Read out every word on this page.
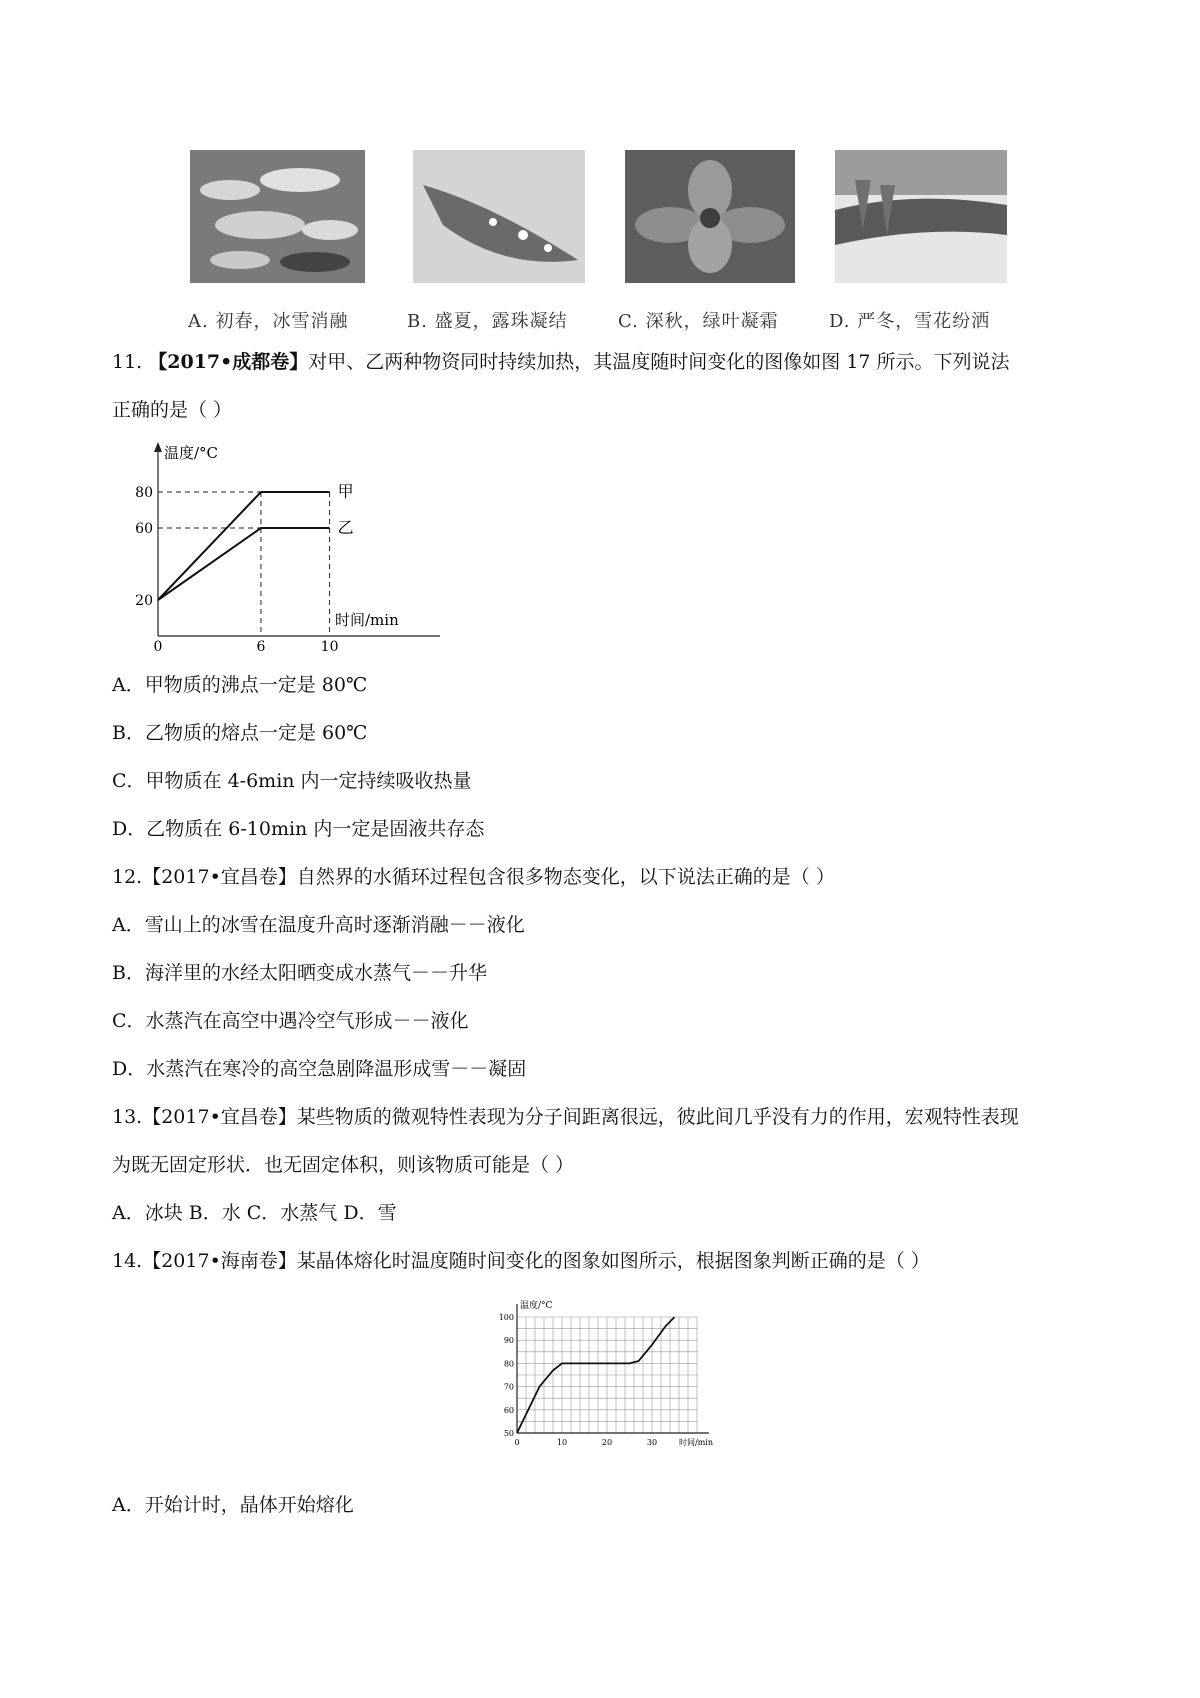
A. 初春，冰雪消融	B. 盛夏，露珠凝结	C. 深秋，绿叶凝霜	D. 严冬，雪花纷洒
11. 【2017•成都卷】对甲、乙两种物资同时持续加热，其温度随时间变化的图像如图 17 所示。下列说法
正确的是（ ）
温度/°C
时间/min
20
60
80
0	6	10
甲
乙
A．甲物质的沸点一定是 80℃
B．乙物质的熔点一定是 60℃
C．甲物质在 4-6min 内一定持续吸收热量
D．乙物质在 6-10min 内一定是固液共存态
12.【2017•宜昌卷】自然界的水循环过程包含很多物态变化，以下说法正确的是（ ）
A．雪山上的冰雪在温度升高时逐渐消融－－液化
B．海洋里的水经太阳晒变成水蒸气－－升华
C．水蒸汽在高空中遇冷空气形成－－液化
D．水蒸汽在寒冷的高空急剧降温形成雪－－凝固
13.【2017•宜昌卷】某些物质的微观特性表现为分子间距离很远，彼此间几乎没有力的作用，宏观特性表现
为既无固定形状．也无固定体积，则该物质可能是（ ）
A．冰块 B．水 C．水蒸气 D．雪
14.【2017•海南卷】某晶体熔化时温度随时间变化的图象如图所示，根据图象判断正确的是（ ）
温度/°C
时间/min
50
60
70
80
90
100
0	10	20	30
A．开始计时，晶体开始熔化
